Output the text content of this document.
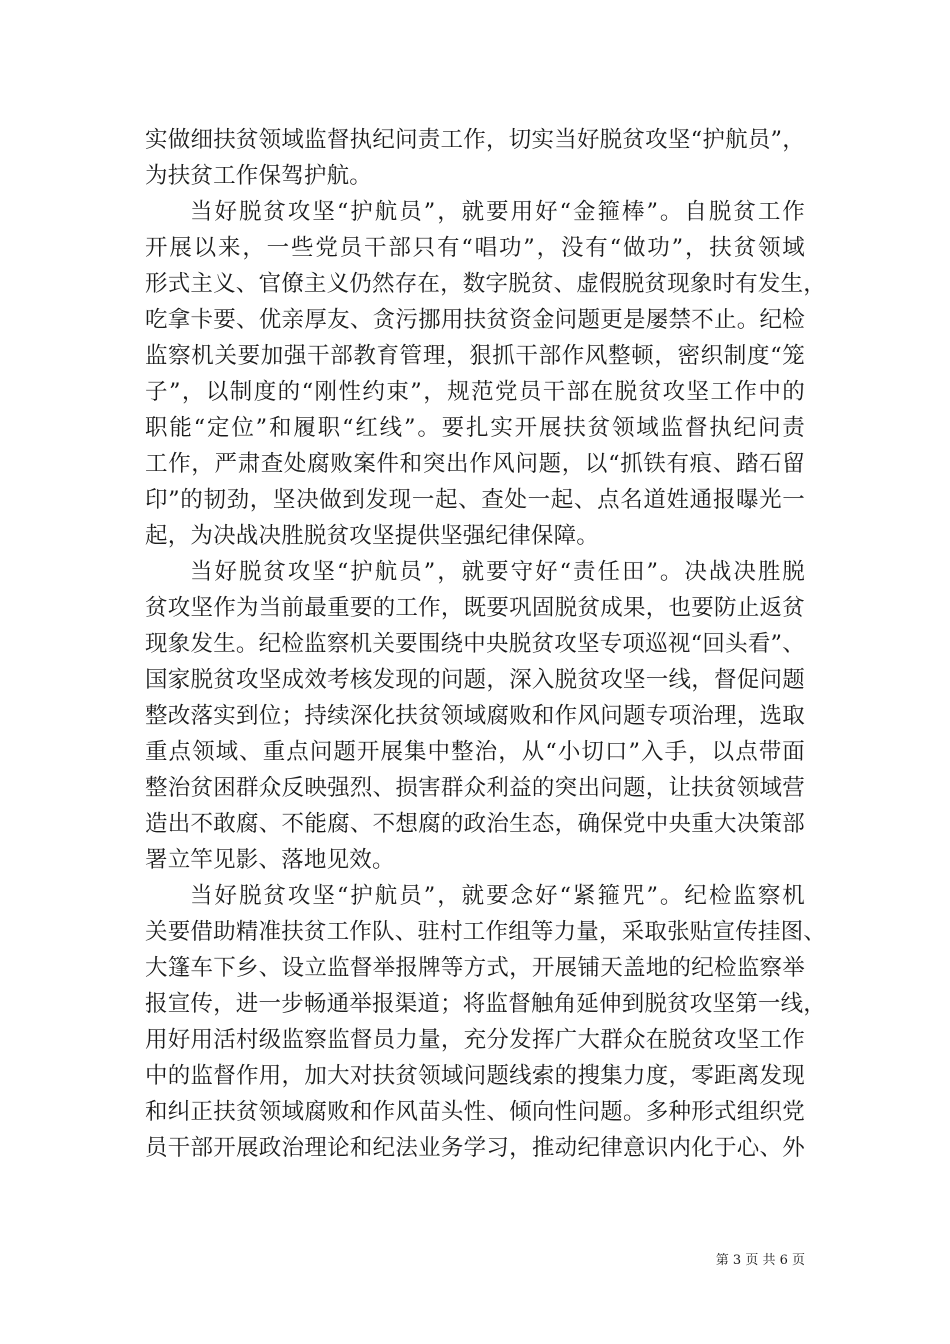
实做细扶贫领域监督执纪问责工作，切实当好脱贫攻坚“护航员”，
为扶贫工作保驾护航。
当好脱贫攻坚“护航员”，就要用好“金箍棒”。自脱贫工作
开展以来，一些党员干部只有“唱功”，没有“做功”，扶贫领域
形式主义、官僚主义仍然存在，数字脱贫、虚假脱贫现象时有发生，
吃拿卡要、优亲厚友、贪污挪用扶贫资金问题更是屡禁不止。纪检
监察机关要加强干部教育管理，狠抓干部作风整顿，密织制度“笼
子”，以制度的“刚性约束”，规范党员干部在脱贫攻坚工作中的
职能“定位”和履职“红线”。要扎实开展扶贫领域监督执纪问责
工作，严肃查处腐败案件和突出作风问题，以“抓铁有痕、踏石留
印”的韧劲，坚决做到发现一起、查处一起、点名道姓通报曝光一
起，为决战决胜脱贫攻坚提供坚强纪律保障。
当好脱贫攻坚“护航员”，就要守好“责任田”。决战决胜脱
贫攻坚作为当前最重要的工作，既要巩固脱贫成果，也要防止返贫
现象发生。纪检监察机关要围绕中央脱贫攻坚专项巡视“回头看”、
国家脱贫攻坚成效考核发现的问题，深入脱贫攻坚一线，督促问题
整改落实到位；持续深化扶贫领域腐败和作风问题专项治理，选取
重点领域、重点问题开展集中整治，从“小切口”入手，以点带面
整治贫困群众反映强烈、损害群众利益的突出问题，让扶贫领域营
造出不敢腐、不能腐、不想腐的政治生态，确保党中央重大决策部
署立竿见影、落地见效。
当好脱贫攻坚“护航员”，就要念好“紧箍咒”。纪检监察机
关要借助精准扶贫工作队、驻村工作组等力量，采取张贴宣传挂图、
大篷车下乡、设立监督举报牌等方式，开展铺天盖地的纪检监察举
报宣传，进一步畅通举报渠道；将监督触角延伸到脱贫攻坚第一线，
用好用活村级监察监督员力量，充分发挥广大群众在脱贫攻坚工作
中的监督作用，加大对扶贫领域问题线索的搜集力度，零距离发现
和纠正扶贫领域腐败和作风苗头性、倾向性问题。多种形式组织党
员干部开展政治理论和纪法业务学习，推动纪律意识内化于心、外
第 3 页 共 6 页
